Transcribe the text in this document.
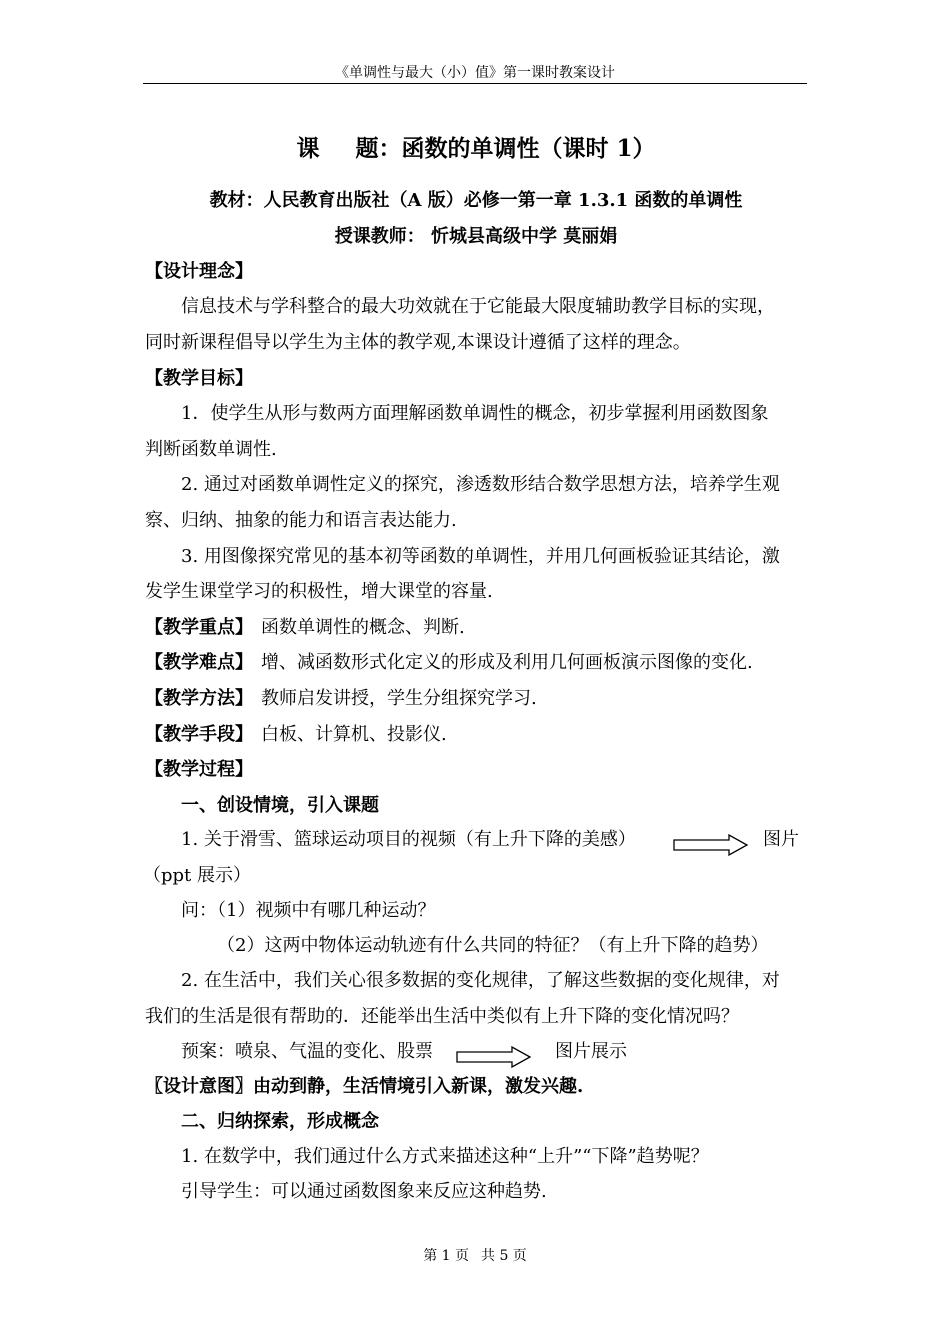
《单调性与最大（小）值》第一课时教案设计
课 题：函数的单调性（课时 1）
教材：人民教育出版社（A 版）必修一第一章 1.3.1 函数的单调性
授课教师： 忻城县高级中学 莫丽娟
【设计理念】
信息技术与学科整合的最大功效就在于它能最大限度辅助教学目标的实现，
同时新课程倡导以学生为主体的教学观,本课设计遵循了这样的理念。
【教学目标】
1．使学生从形与数两方面理解函数单调性的概念，初步掌握利用函数图象
判断函数单调性.
2. 通过对函数单调性定义的探究，渗透数形结合数学思想方法，培养学生观
察、归纳、抽象的能力和语言表达能力.
3. 用图像探究常见的基本初等函数的单调性，并用几何画板验证其结论，激
发学生课堂学习的积极性，增大课堂的容量.
【教学重点】 函数单调性的概念、判断.
【教学难点】 增、减函数形式化定义的形成及利用几何画板演示图像的变化.
【教学方法】 教师启发讲授，学生分组探究学习.
【教学手段】 白板、计算机、投影仪.
【教学过程】
一、创设情境，引入课题
1. 关于滑雪、篮球运动项目的视频（有上升下降的美感）	图片
（ppt 展示）
问：（1）视频中有哪几种运动？
（2）这两中物体运动轨迹有什么共同的特征？（有上升下降的趋势）
2. 在生活中，我们关心很多数据的变化规律，了解这些数据的变化规律，对
我们的生活是很有帮助的．还能举出生活中类似有上升下降的变化情况吗？
预案：喷泉、气温的变化、股票	图片展示
〖设计意图〗由动到静，生活情境引入新课，激发兴趣.
二、归纳探索，形成概念
1. 在数学中，我们通过什么方式来描述这种“上升”“下降”趋势呢？
引导学生：可以通过函数图象来反应这种趋势.
第 1 页 共 5 页
